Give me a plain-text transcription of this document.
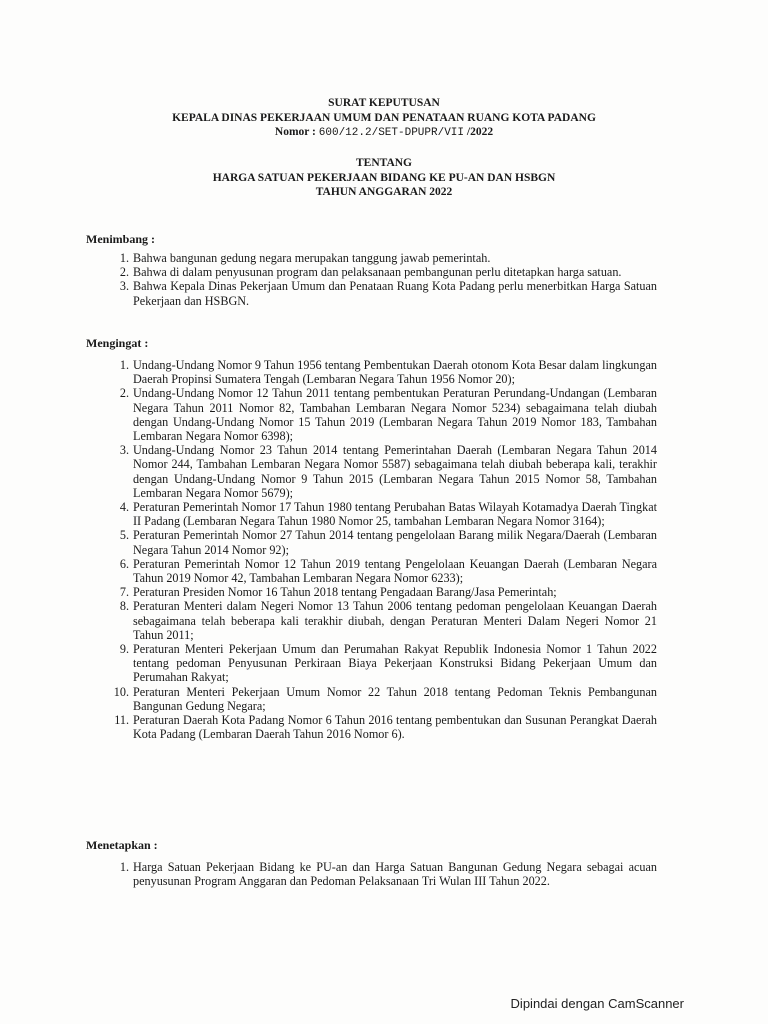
SURAT KEPUTUSAN
KEPALA DINAS PEKERJAAN UMUM DAN PENATAAN RUANG KOTA PADANG
Nomor : 600/12.2/SET-DPUPR/VII /2022
TENTANG
HARGA SATUAN PEKERJAAN BIDANG KE PU-AN DAN HSBGN
TAHUN ANGGARAN 2022
Menimbang :
1. Bahwa bangunan gedung negara merupakan tanggung jawab pemerintah.
2. Bahwa di dalam penyusunan program dan pelaksanaan pembangunan perlu ditetapkan harga satuan.
3. Bahwa Kepala Dinas Pekerjaan Umum dan Penataan Ruang Kota Padang perlu menerbitkan Harga Satuan Pekerjaan dan HSBGN.
Mengingat :
1. Undang-Undang Nomor 9 Tahun 1956 tentang Pembentukan Daerah otonom Kota Besar dalam lingkungan Daerah Propinsi Sumatera Tengah (Lembaran Negara Tahun 1956 Nomor 20);
2. Undang-Undang Nomor 12 Tahun 2011 tentang pembentukan Peraturan Perundang-Undangan (Lembaran Negara Tahun 2011 Nomor 82, Tambahan Lembaran Negara Nomor 5234) sebagaimana telah diubah dengan Undang-Undang Nomor 15 Tahun 2019 (Lembaran Negara Tahun 2019 Nomor 183, Tambahan Lembaran Negara Nomor 6398);
3. Undang-Undang Nomor 23 Tahun 2014 tentang Pemerintahan Daerah (Lembaran Negara Tahun 2014 Nomor 244, Tambahan Lembaran Negara Nomor 5587) sebagaimana telah diubah beberapa kali, terakhir dengan Undang-Undang Nomor 9 Tahun 2015 (Lembaran Negara Tahun 2015 Nomor 58, Tambahan Lembaran Negara Nomor 5679);
4. Peraturan Pemerintah Nomor 17 Tahun 1980 tentang Perubahan Batas Wilayah Kotamadya Daerah Tingkat II Padang (Lembaran Negara Tahun 1980 Nomor 25, tambahan Lembaran Negara Nomor 3164);
5. Peraturan Pemerintah Nomor 27 Tahun 2014 tentang pengelolaan Barang milik Negara/Daerah (Lembaran Negara Tahun 2014 Nomor 92);
6. Peraturan Pemerintah Nomor 12 Tahun 2019 tentang Pengelolaan Keuangan Daerah (Lembaran Negara Tahun 2019 Nomor 42, Tambahan Lembaran Negara Nomor 6233);
7. Peraturan Presiden Nomor 16 Tahun 2018 tentang Pengadaan Barang/Jasa Pemerintah;
8. Peraturan Menteri dalam Negeri Nomor 13 Tahun 2006 tentang pedoman pengelolaan Keuangan Daerah sebagaimana telah beberapa kali terakhir diubah, dengan Peraturan Menteri Dalam Negeri Nomor 21 Tahun 2011;
9. Peraturan Menteri Pekerjaan Umum dan Perumahan Rakyat Republik Indonesia Nomor 1 Tahun 2022 tentang pedoman Penyusunan Perkiraan Biaya Pekerjaan Konstruksi Bidang Pekerjaan Umum dan Perumahan Rakyat;
10. Peraturan Menteri Pekerjaan Umum Nomor 22 Tahun 2018 tentang Pedoman Teknis Pembangunan Bangunan Gedung Negara;
11. Peraturan Daerah Kota Padang Nomor 6 Tahun 2016 tentang pembentukan dan Susunan Perangkat Daerah Kota Padang (Lembaran Daerah Tahun 2016 Nomor 6).
Menetapkan :
1. Harga Satuan Pekerjaan Bidang ke PU-an dan Harga Satuan Bangunan Gedung Negara sebagai acuan penyusunan Program Anggaran dan Pedoman Pelaksanaan Tri Wulan III Tahun 2022.
Dipindai dengan CamScanner
